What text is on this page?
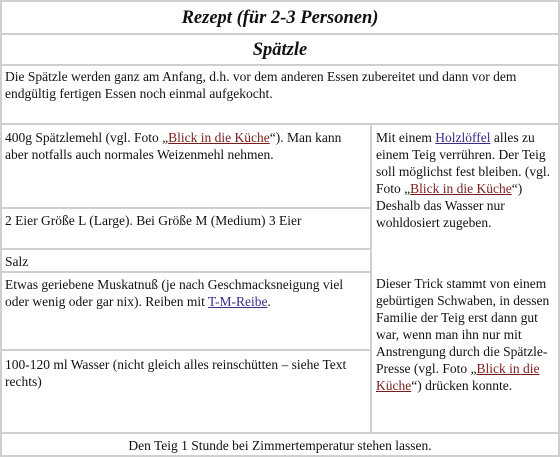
Rezept (für 2-3 Personen)
Spätzle
Die Spätzle werden ganz am Anfang, d.h. vor dem anderen Essen zubereitet und dann vor dem endgültig fertigen Essen noch einmal aufgekocht.
400g Spätzlemehl (vgl. Foto „Blick in die Küche“). Man kann aber notfalls auch normales Weizenmehl nehmen.
2 Eier Größe L (Large). Bei Größe M (Medium) 3 Eier
Salz
Etwas geriebene Muskatnuß (je nach Geschmacksneigung viel oder wenig oder gar nix). Reiben mit T-M-Reibe.
100-120 ml Wasser (nicht gleich alles reinschütten – siehe Text rechts)
Mit einem Holzlöffel alles zu einem Teig verrühren. Der Teig soll möglichst fest bleiben. (vgl. Foto „Blick in die Küche“) Deshalb das Wasser nur wohldosiert zugeben.
Dieser Trick stammt von einem gebürtigen Schwaben, in dessen Familie der Teig erst dann gut war, wenn man ihn nur mit Anstrengung durch die Spätzle-Presse (vgl. Foto „Blick in die Küche“) drücken konnte.
Den Teig 1 Stunde bei Zimmertemperatur stehen lassen.
